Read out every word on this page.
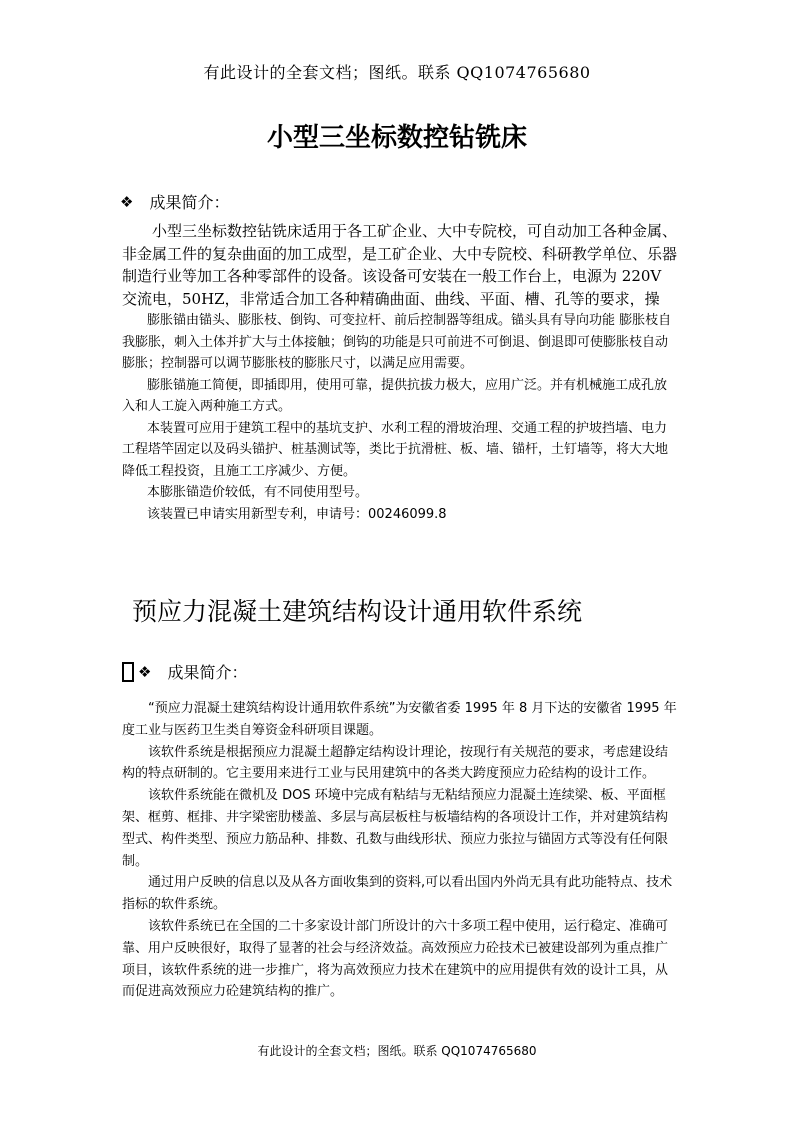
有此设计的全套文档；图纸。联系 QQ1074765680
小型三坐标数控钻铣床
❖ 成果简介：

小型三坐标数控钻铣床适用于各工矿企业、大中专院校，可自动加工各种金属、非金属工件的复杂曲面的加工成型，是工矿企业、大中专院校、科研教学单位、乐器制造行业等加工各种零部件的设备。该设备可安装在一般工作台上，电源为 220V 交流电，50HZ，非常适合加工各种精确曲面、曲线、平面、槽、孔等的要求，操

膨胀锚由锚头、膨胀枝、倒钩、可变拉杆、前后控制器等组成。锚头具有导向功能 膨胀枝自我膨胀，刺入土体并扩大与土体接触；倒钩的功能是只可前进不可倒退、倒退即可使膨胀枝自动膨胀；控制器可以调节膨胀枝的膨胀尺寸，以满足应用需要。

膨胀锚施工简便，即插即用，使用可靠，提供抗拔力极大，应用广泛。并有机械施工成孔放入和人工旋入两种施工方式。

本装置可应用于建筑工程中的基坑支护、水利工程的滑坡治理、交通工程的护坡挡墙、电力工程塔竿固定以及码头锚护、桩基测试等，类比于抗滑桩、板、墙、锚杆，土钉墙等，将大大地降低工程投资，且施工工序减少、方便。

本膨胀锚造价较低，有不同使用型号。

该装置已申请实用新型专利，申请号：00246099.8

预应力混凝土建筑结构设计通用软件系统
❖ 成果简介：

“预应力混凝土建筑结构设计通用软件系统”为安徽省委 1995 年 8 月下达的安徽省 1995 年度工业与医药卫生类自筹资金科研项目课题。

该软件系统是根据预应力混凝土超静定结构设计理论，按现行有关规范的要求，考虑建设结构的特点研制的。它主要用来进行工业与民用建筑中的各类大跨度预应力砼结构的设计工作。

该软件系统能在微机及 DOS 环境中完成有粘结与无粘结预应力混凝土连续梁、板、平面框架、框剪、框排、井字梁密肋楼盖、多层与高层板柱与板墙结构的各项设计工作，并对建筑结构型式、构件类型、预应力筋品种、排数、孔数与曲线形状、预应力张拉与锚固方式等没有任何限制。

通过用户反映的信息以及从各方面收集到的资料,可以看出国内外尚无具有此功能特点、技术指标的软件系统。

该软件系统已在全国的二十多家设计部门所设计的六十多项工程中使用，运行稳定、准确可靠、用户反映很好，取得了显著的社会与经济效益。高效预应力砼技术已被建设部列为重点推广项目，该软件系统的进一步推广，将为高效预应力技术在建筑中的应用提供有效的设计工具，从而促进高效预应力砼建筑结构的推广。

有此设计的全套文档；图纸。联系 QQ1074765680
